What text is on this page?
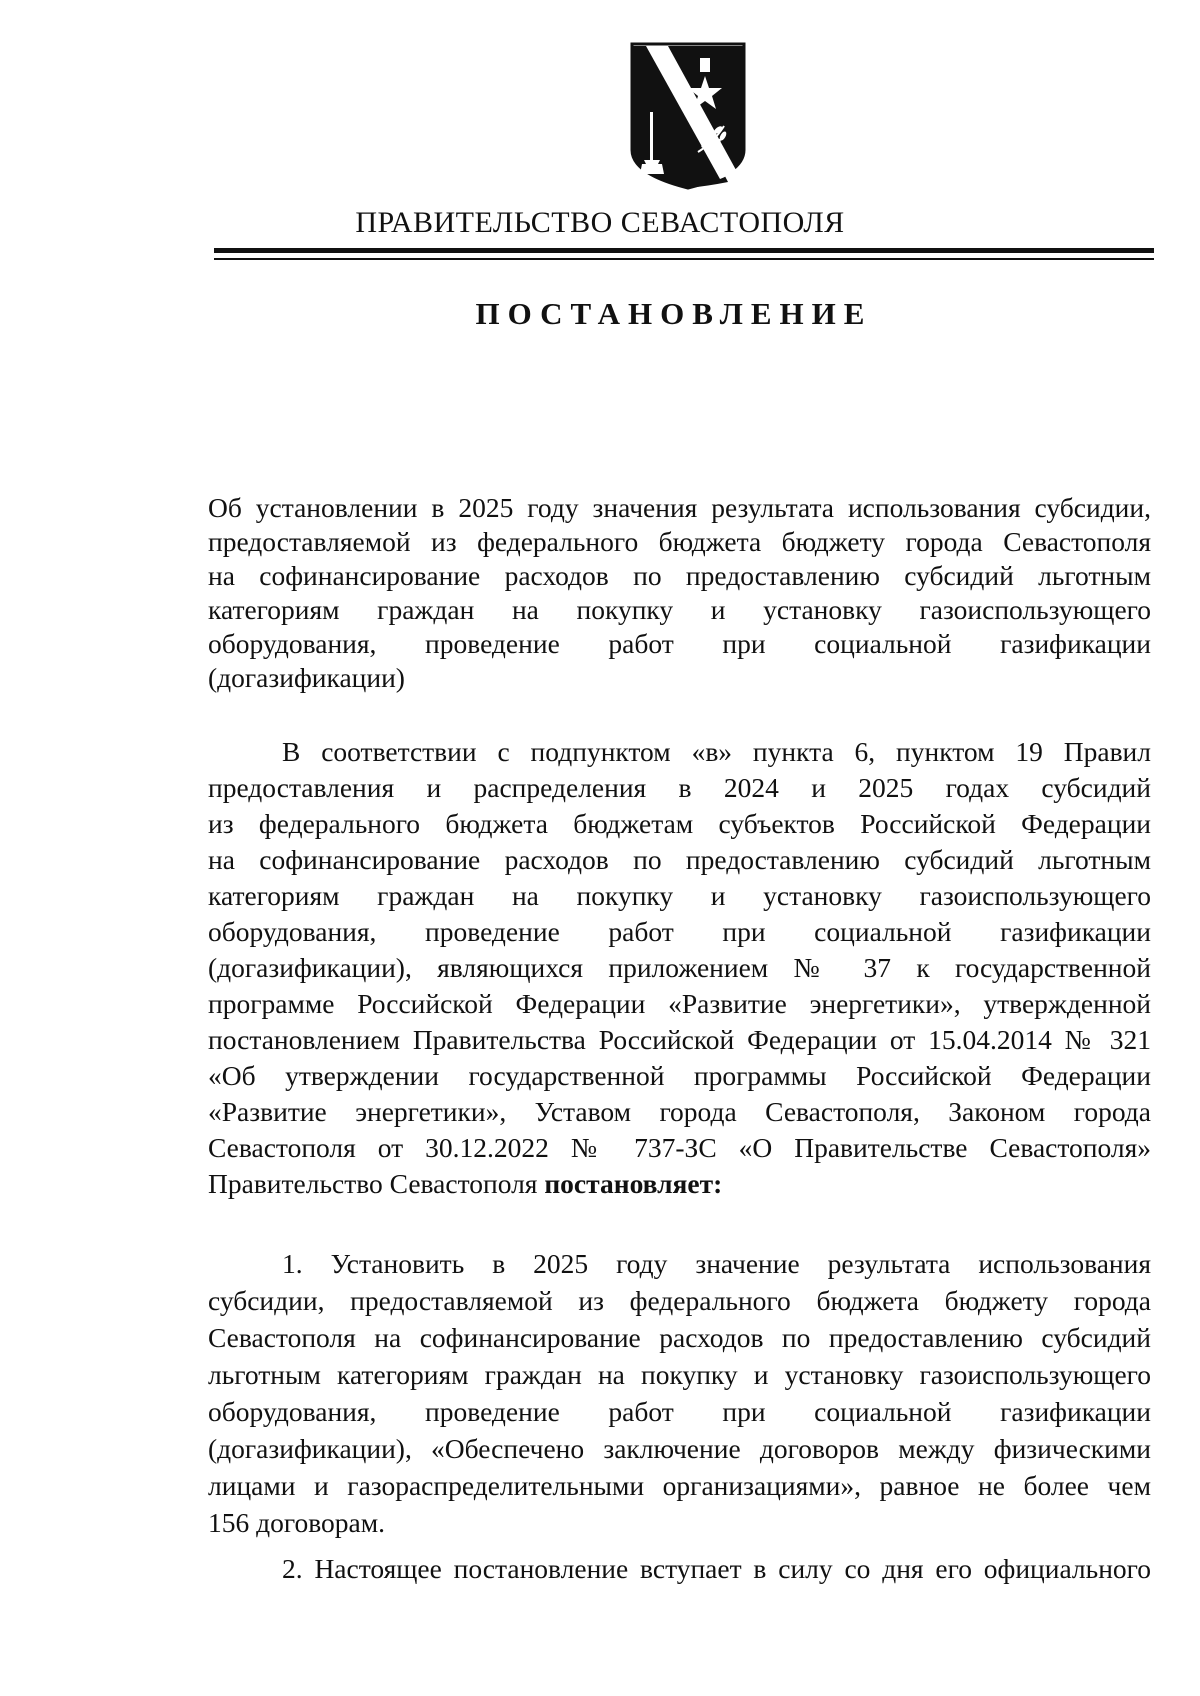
ПРАВИТЕЛЬСТВО СЕВАСТОПОЛЯ
ПОСТАНОВЛЕНИЕ
Об установлении в 2025 году значения результата использования субсидии,
предоставляемой из федерального бюджета бюджету города Севастополя
на софинансирование расходов по предоставлению субсидий льготным
категориям граждан на покупку и установку газоиспользующего
оборудования, проведение работ при социальной газификации
(догазификации)
В соответствии с подпунктом «в» пункта 6, пунктом 19 Правил
предоставления и распределения в 2024 и 2025 годах субсидий
из федерального бюджета бюджетам субъектов Российской Федерации
на софинансирование расходов по предоставлению субсидий льготным
категориям граждан на покупку и установку газоиспользующего
оборудования, проведение работ при социальной газификации
(догазификации), являющихся приложением № 37 к государственной
программе Российской Федерации «Развитие энергетики», утвержденной
постановлением Правительства Российской Федерации от 15.04.2014 № 321
«Об утверждении государственной программы Российской Федерации
«Развитие энергетики», Уставом города Севастополя, Законом города
Севастополя от 30.12.2022 № 737-ЗС «О Правительстве Севастополя»
Правительство Севастополя постановляет:
1. Установить в 2025 году значение результата использования
субсидии, предоставляемой из федерального бюджета бюджету города
Севастополя на софинансирование расходов по предоставлению субсидий
льготным категориям граждан на покупку и установку газоиспользующего
оборудования, проведение работ при социальной газификации
(догазификации), «Обеспечено заключение договоров между физическими
лицами и газораспределительными организациями», равное не более чем
156 договорам.
2. Настоящее постановление вступает в силу со дня его официального
